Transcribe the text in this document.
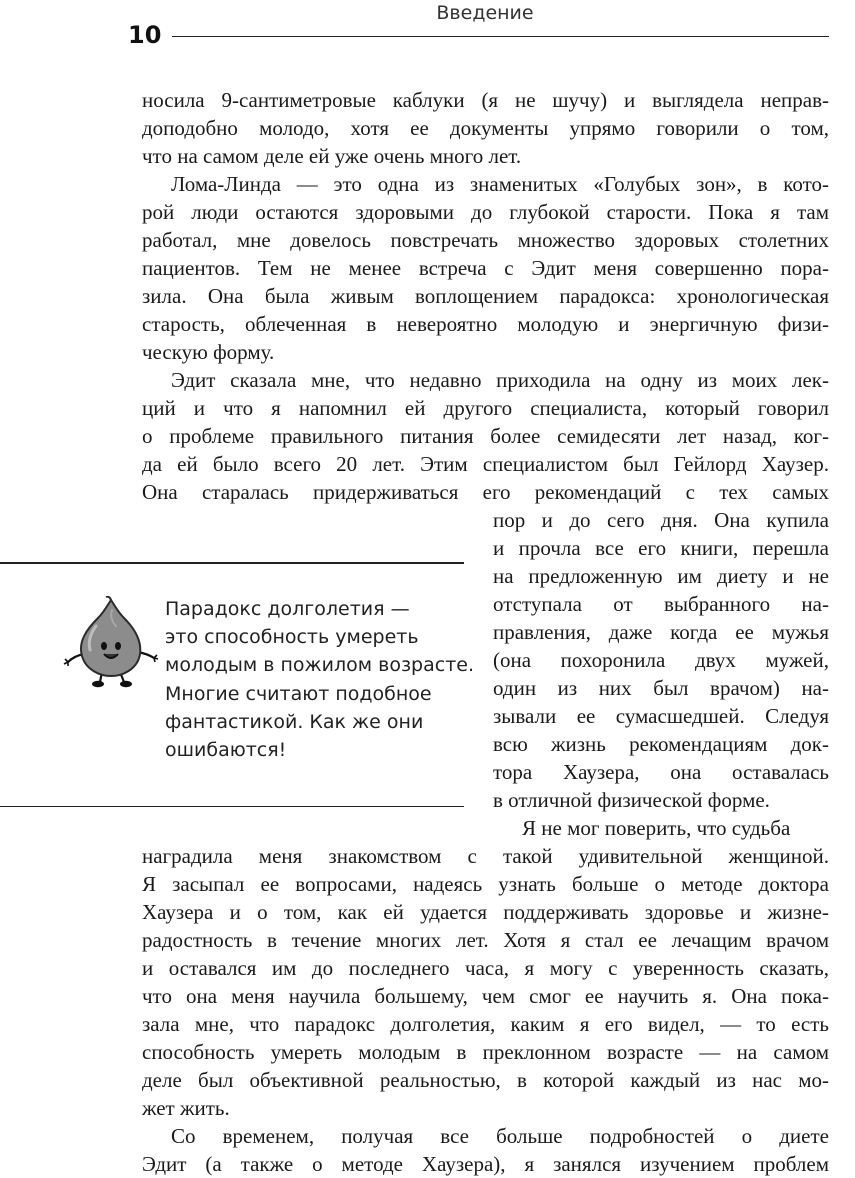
Введение
10
носила 9-сантиметровые каблуки (я не шучу) и выглядела неправ-
доподобно молодо, хотя ее документы упрямо говорили о том,
что на самом деле ей уже очень много лет.
Лома-Линда — это одна из знаменитых «Голубых зон», в кото-
рой люди остаются здоровыми до глубокой старости. Пока я там
работал, мне довелось повстречать множество здоровых столетних
пациентов. Тем не менее встреча с Эдит меня совершенно пора-
зила. Она была живым воплощением парадокса: хронологическая
старость, облеченная в невероятно молодую и энергичную физи-
ческую форму.
Эдит сказала мне, что недавно приходила на одну из моих лек-
ций и что я напомнил ей другого специалиста, который говорил
о проблеме правильного питания более семидесяти лет назад, ког-
да ей было всего 20 лет. Этим специалистом был Гейлорд Хаузер.
Она старалась придерживаться его рекомендаций с тех самых
пор и до сего дня. Она купила
и прочла все его книги, перешла
на предложенную им диету и не
отступала от выбранного на-
правления, даже когда ее мужья
(она похоронила двух мужей,
один из них был врачом) на-
зывали ее сумасшедшей. Следуя
всю жизнь рекомендациям док-
тора Хаузера, она оставалась
в отличной физической форме.
Я не мог поверить, что судьба
наградила меня знакомством с такой удивительной женщиной.
Я засыпал ее вопросами, надеясь узнать больше о методе доктора
Хаузера и о том, как ей удается поддерживать здоровье и жизне-
радостность в течение многих лет. Хотя я стал ее лечащим врачом
и оставался им до последнего часа, я могу с уверенность сказать,
что она меня научила большему, чем смог ее научить я. Она пока-
зала мне, что парадокс долголетия, каким я его видел, — то есть
способность умереть молодым в преклонном возрасте — на самом
деле был объективной реальностью, в которой каждый из нас мо-
жет жить.
Со временем, получая все больше подробностей о диете
Эдит (а также о методе Хаузера), я занялся изучением проблем
Парадокс долголетия —
это способность умереть
молодым в пожилом возрасте.
Многие считают подобное
фантастикой. Как же они
ошибаются!
